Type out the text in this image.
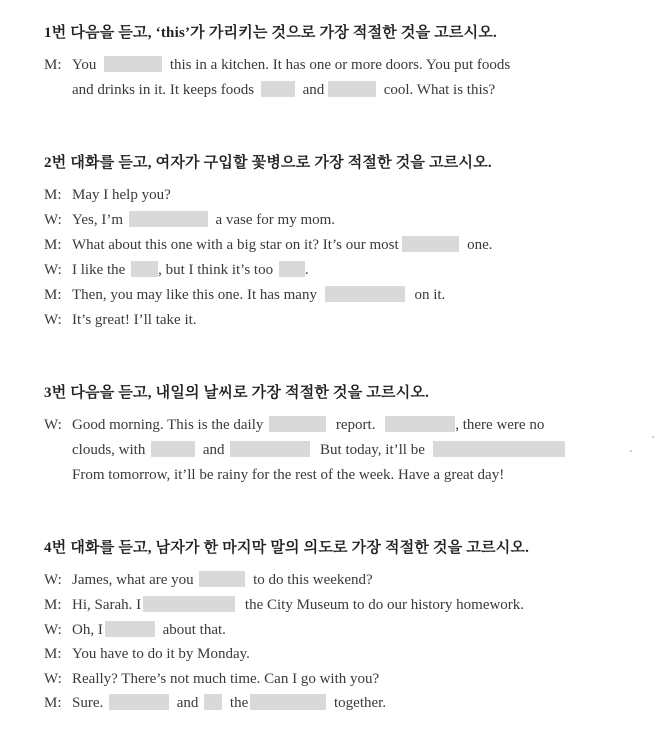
1번 다음을 듣고, ‘this’가 가리키는 것으로 가장 적절한 것을 고르시오.
M: You	this in a kitchen. It has one or more doors. You put foods
and drinks in it. It keeps foods	and	cool. What is this?
2번 대화를 듣고, 여자가 구입할 꽃병으로 가장 적절한 것을 고르시오.
M: May I help you?
W: Yes, I’m	a vase for my mom.
M: What about this one with a big star on it? It’s our most	one.
W: I like the , but I think it’s too .
M: Then, you may like this one. It has many	on it.
W: It’s great! I’ll take it.
3번 다음을 듣고, 내일의 날씨로 가장 적절한 것을 고르시오.
W: Good morning. This is the daily	report.	, there were no
clouds, with	and	But today, it’ll be
From tomorrow, it’ll be rainy for the rest of the week. Have a great day!
4번 대화를 듣고, 남자가 한 마지막 말의 의도로 가장 적절한 것을 고르시오.
W: James, what are you	to do this weekend?
M: Hi, Sarah. I	the City Museum to do our history homework.
W: Oh, I	about that.
M: You have to do it by Monday.
W: Really? There’s not much time. Can I go with you?
M: Sure.	and the	together.
